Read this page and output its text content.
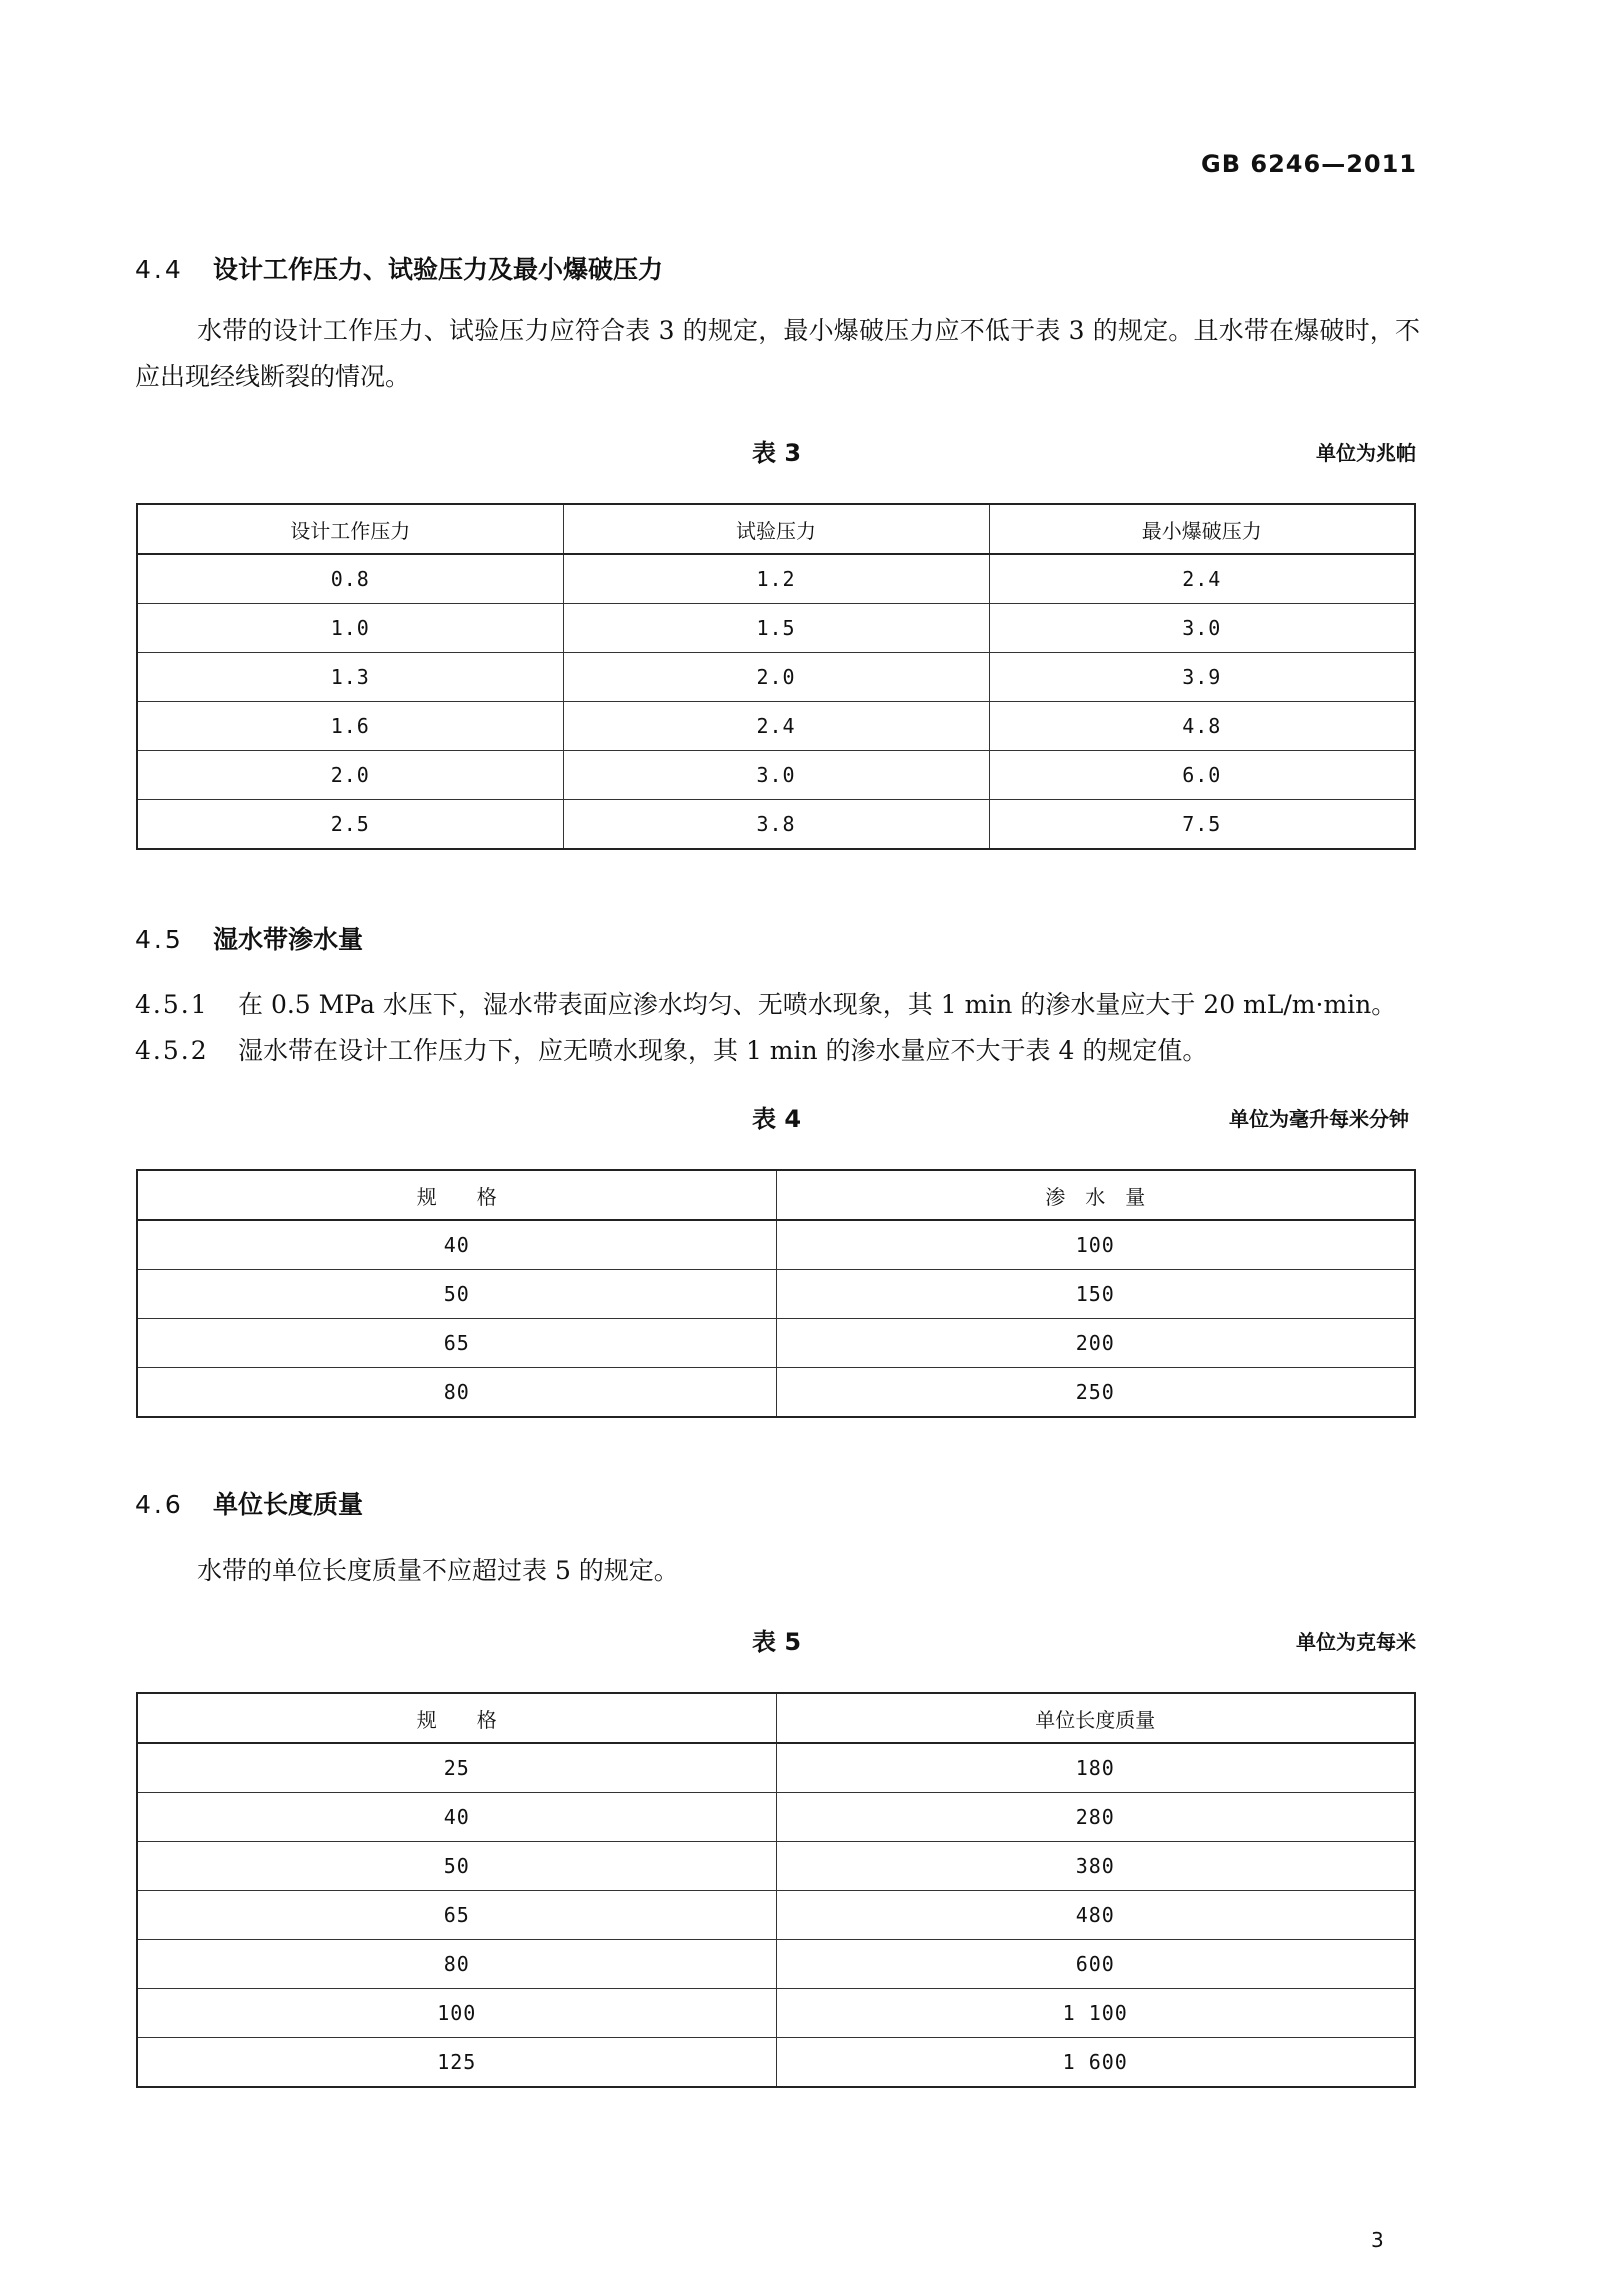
GB 6246—2011
4.4 设计工作压力、试验压力及最小爆破压力
水带的设计工作压力、试验压力应符合表 3 的规定，最小爆破压力应不低于表 3 的规定。且水带在爆破时，不应出现经线断裂的情况。
表 3	单位为兆帕
设计工作压力	试验压力	最小爆破压力
0.8	1.2	2.4
1.0	1.5	3.0
1.3	2.0	3.9
1.6	2.4	4.8
2.0	3.0	6.0
2.5	3.8	7.5
4.5 湿水带渗水量
4.5.1 在 0.5 MPa 水压下，湿水带表面应渗水均匀、无喷水现象，其 1 min 的渗水量应大于 20 mL/m·min。
4.5.2 湿水带在设计工作压力下，应无喷水现象，其 1 min 的渗水量应不大于表 4 的规定值。
表 4	单位为毫升每米分钟
规　　格	渗　水　量
40	100
50	150
65	200
80	250
4.6 单位长度质量
水带的单位长度质量不应超过表 5 的规定。
表 5	单位为克每米
规　　格	单位长度质量
25	180
40	280
50	380
65	480
80	600
100	1 100
125	1 600
3
